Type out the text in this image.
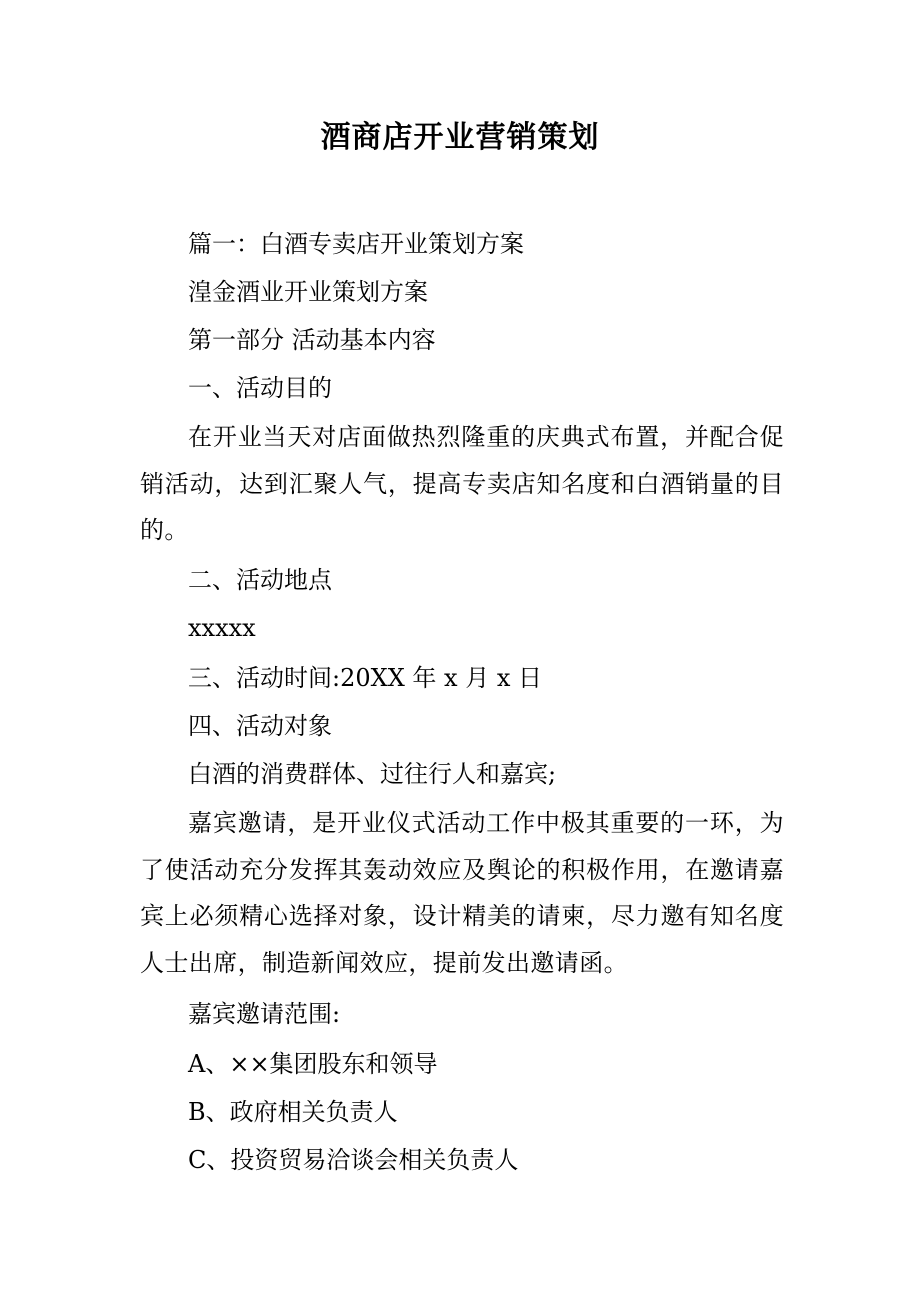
酒商店开业营销策划
篇一：白酒专卖店开业策划方案
湟金酒业开业策划方案
第一部分 活动基本内容
一、活动目的
在开业当天对店面做热烈隆重的庆典式布置，并配合促销活动，达到汇聚人气，提高专卖店知名度和白酒销量的目的。
二、活动地点
xxxxx
三、活动时间:20XX 年 x 月 x 日
四、活动对象
白酒的消费群体、过往行人和嘉宾;
嘉宾邀请，是开业仪式活动工作中极其重要的一环，为了使活动充分发挥其轰动效应及舆论的积极作用，在邀请嘉宾上必须精心选择对象，设计精美的请柬，尽力邀有知名度人士出席，制造新闻效应，提前发出邀请函。
嘉宾邀请范围:
A、××集团股东和领导
B、政府相关负责人
C、投资贸易洽谈会相关负责人
